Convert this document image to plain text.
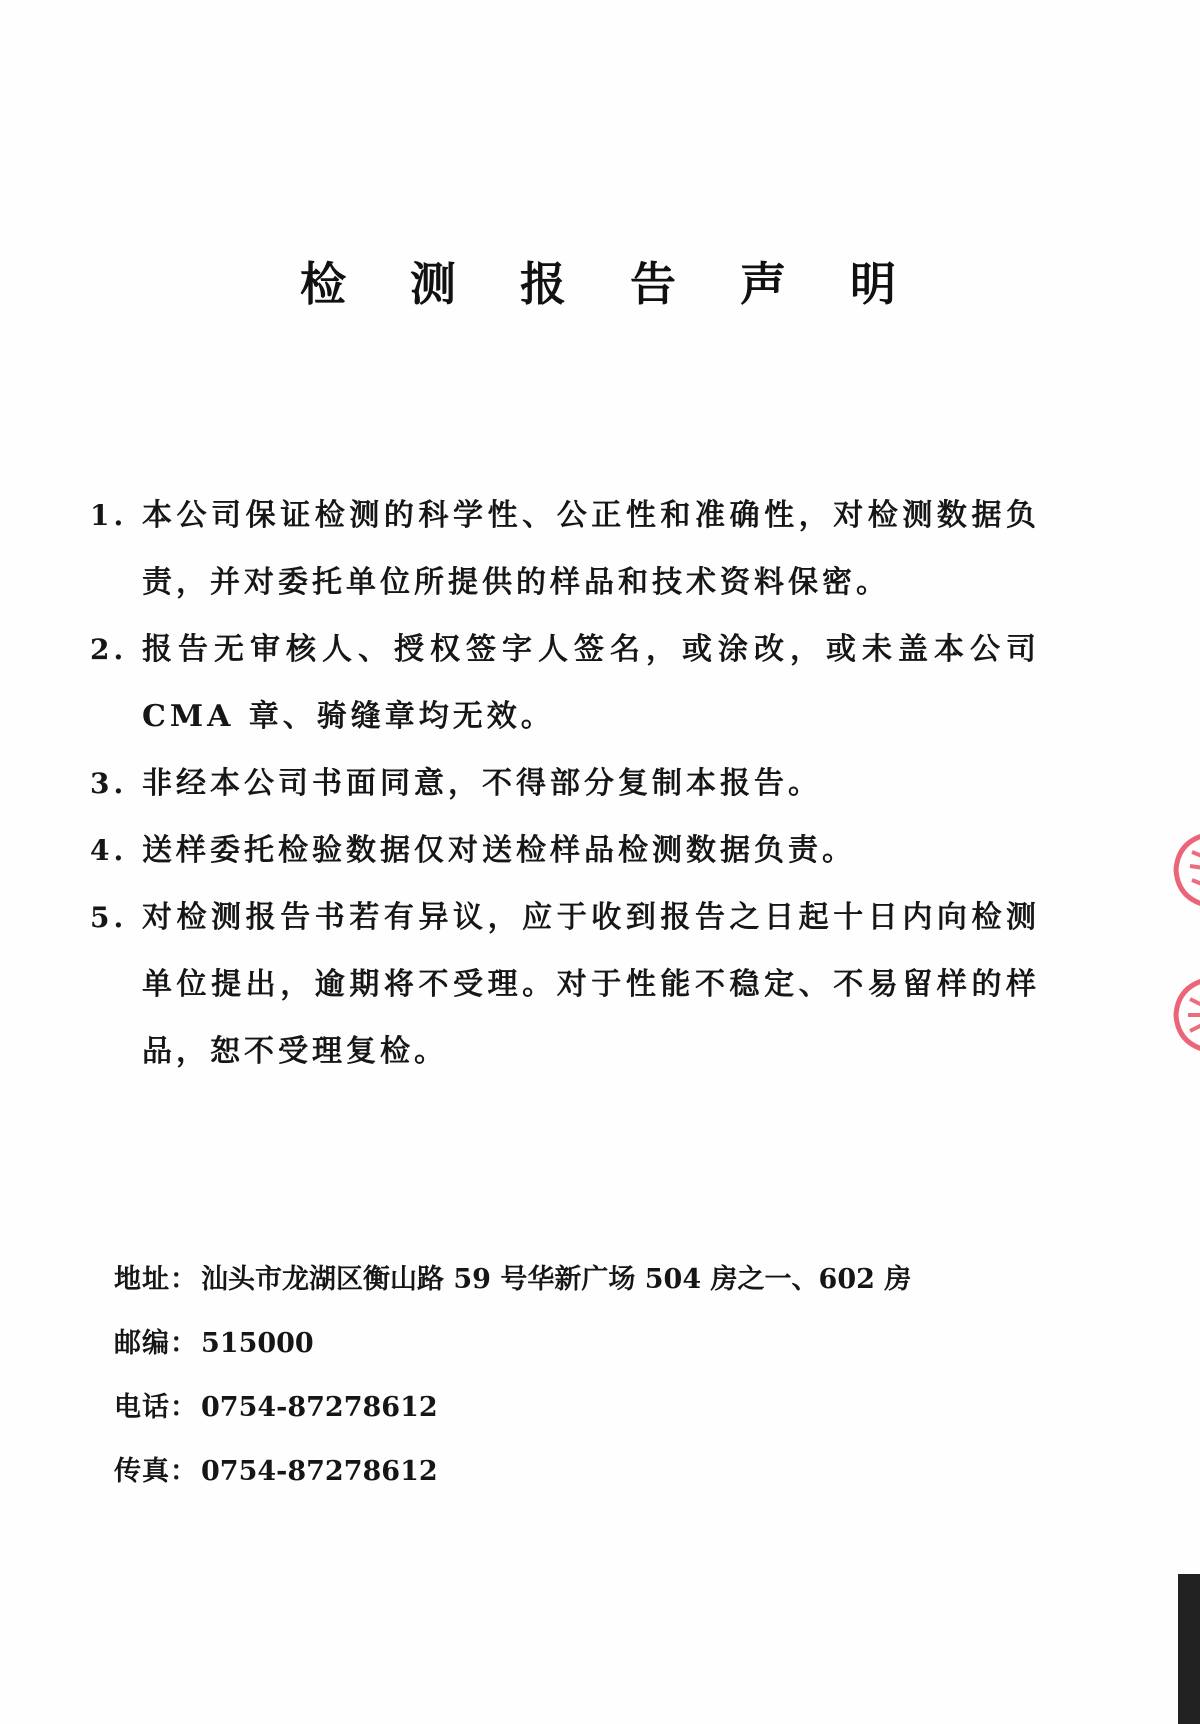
检 测 报 告 声 明
1. 本公司保证检测的科学性、公正性和准确性，对检测数据负责，并对委托单位所提供的样品和技术资料保密。
2. 报告无审核人、授权签字人签名，或涂改，或未盖本公司 CMA 章、骑缝章均无效。
3. 非经本公司书面同意，不得部分复制本报告。
4. 送样委托检验数据仅对送检样品检测数据负责。
5. 对检测报告书若有异议，应于收到报告之日起十日内向检测单位提出，逾期将不受理。对于性能不稳定、不易留样的样品，恕不受理复检。
地址： 汕头市龙湖区衡山路 59 号华新广场 504 房之一、602 房
邮编： 515000
电话： 0754-87278612
传真： 0754-87278612
